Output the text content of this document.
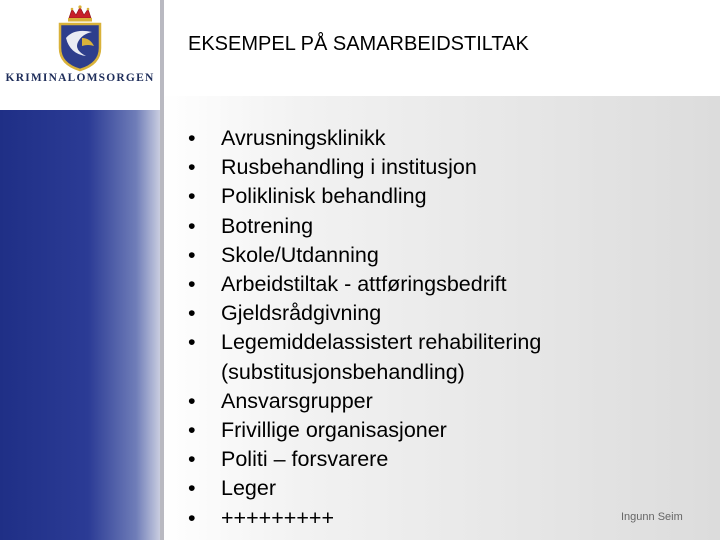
KRIMINALOMSORGEN
EKSEMPEL PÅ SAMARBEIDSTILTAK
• Avrusningsklinikk
• Rusbehandling i institusjon
• Poliklinisk behandling
• Botrening
• Skole/Utdanning
• Arbeidstiltak - attføringsbedrift
• Gjeldsrådgivning
• Legemiddelassistert rehabilitering (substitusjonsbehandling)
• Ansvarsgrupper
• Frivillige organisasjoner
• Politi – forsvarere
• Leger
• +++++++++	Ingunn Seim
